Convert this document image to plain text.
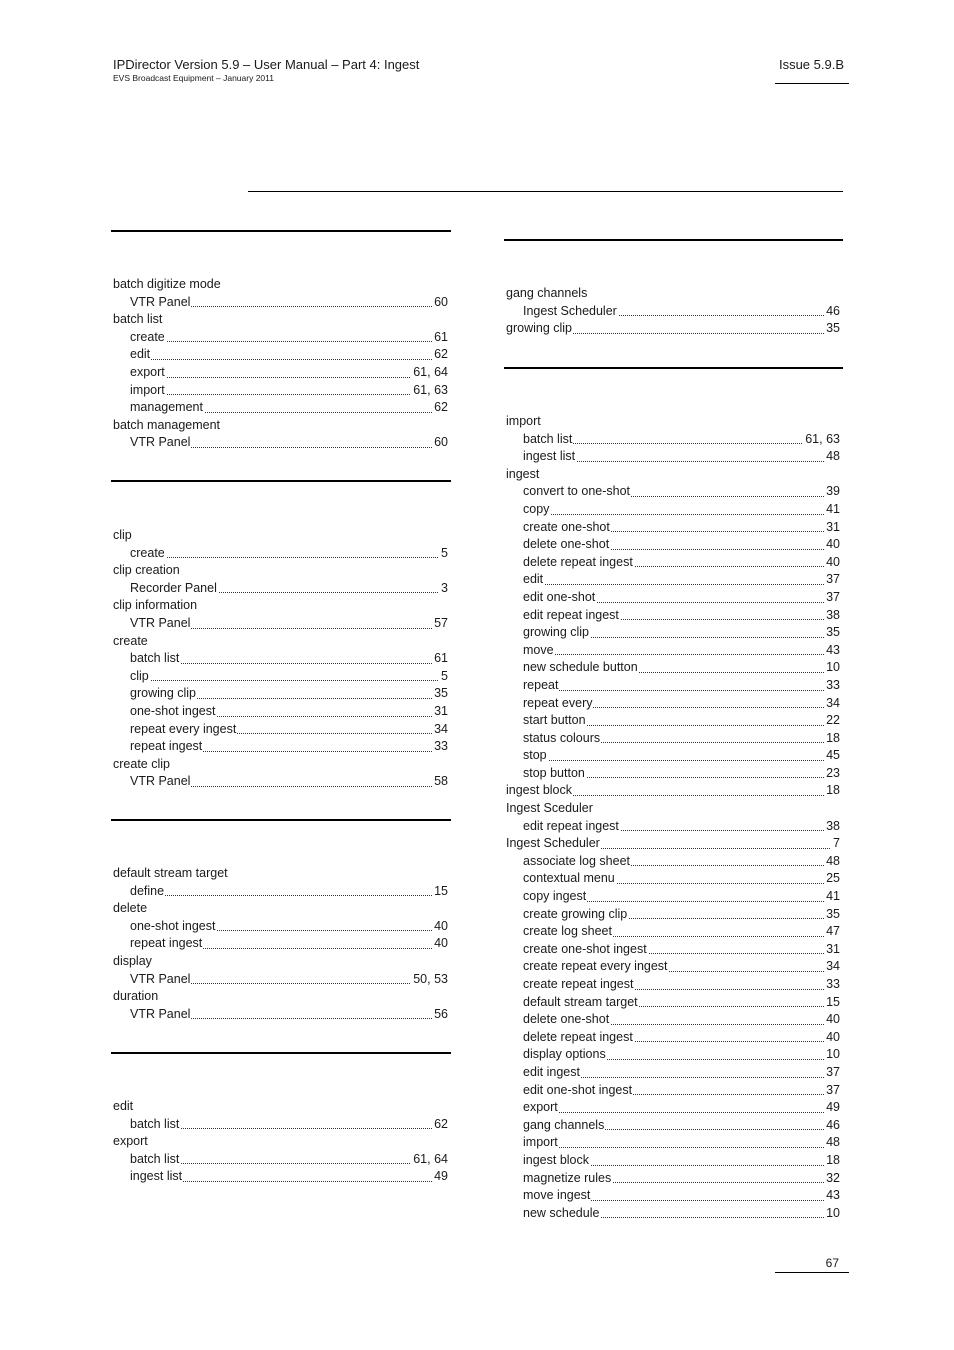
IPDirector Version 5.9 – User Manual – Part 4: Ingest
EVS Broadcast Equipment – January 2011
Issue 5.9.B
batch digitize mode
VTR Panel	60
batch list
create	61
edit	62
export	61, 64
import	61, 63
management	62
batch management
VTR Panel	60
clip
create	5
clip creation
Recorder Panel	3
clip information
VTR Panel	57
create
batch list	61
clip	5
growing clip	35
one-shot ingest	31
repeat every ingest	34
repeat ingest	33
create clip
VTR Panel	58
default stream target
define	15
delete
one-shot ingest	40
repeat ingest	40
display
VTR Panel	50, 53
duration
VTR Panel	56
edit
batch list	62
export
batch list	61, 64
ingest list	49
gang channels
Ingest Scheduler	46
growing clip	35
import
batch list	61, 63
ingest list	48
ingest
convert to one-shot	39
copy	41
create one-shot	31
delete one-shot	40
delete repeat ingest	40
edit	37
edit one-shot	37
edit repeat ingest	38
growing clip	35
move	43
new schedule button	10
repeat	33
repeat every	34
start button	22
status colours	18
stop	45
stop button	23
ingest block	18
Ingest Sceduler
edit repeat ingest	38
Ingest Scheduler	7
associate log sheet	48
contextual menu	25
copy ingest	41
create growing clip	35
create log sheet	47
create one-shot ingest	31
create repeat every ingest	34
create repeat ingest	33
default stream target	15
delete one-shot	40
delete repeat ingest	40
display options	10
edit ingest	37
edit one-shot ingest	37
export	49
gang channels	46
import	48
ingest block	18
magnetize rules	32
move ingest	43
new schedule	10
67
